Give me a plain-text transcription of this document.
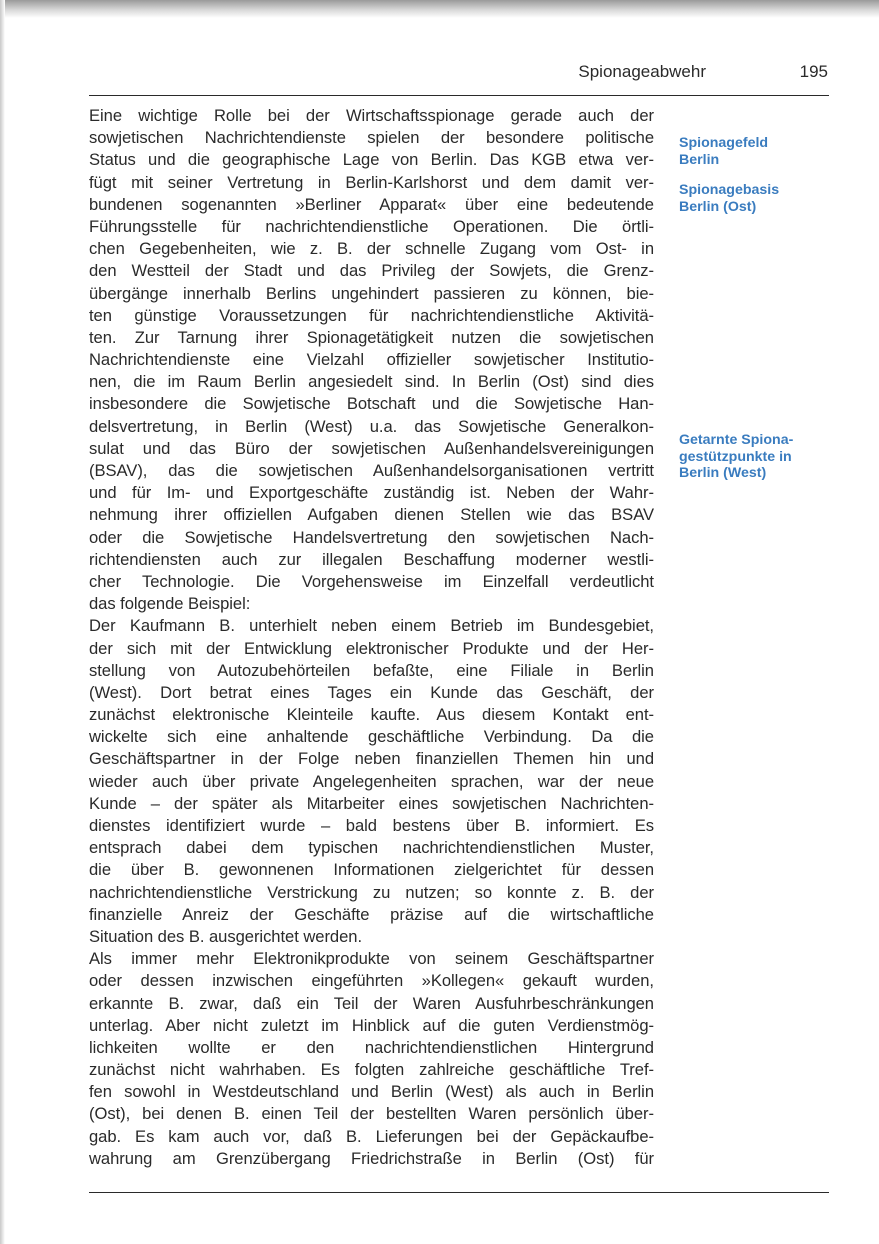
Spionageabwehr	195
Eine wichtige Rolle bei der Wirtschaftsspionage gerade auch der
sowjetischen Nachrichtendienste spielen der besondere politische
Status und die geographische Lage von Berlin. Das KGB etwa ver-
fügt mit seiner Vertretung in Berlin-Karlshorst und dem damit ver-
bundenen sogenannten »Berliner Apparat« über eine bedeutende
Führungsstelle für nachrichtendienstliche Operationen. Die örtli-
chen Gegebenheiten, wie z. B. der schnelle Zugang vom Ost- in
den Westteil der Stadt und das Privileg der Sowjets, die Grenz-
übergänge innerhalb Berlins ungehindert passieren zu können, bie-
ten günstige Voraussetzungen für nachrichtendienstliche Aktivitä-
ten. Zur Tarnung ihrer Spionagetätigkeit nutzen die sowjetischen
Nachrichtendienste eine Vielzahl offizieller sowjetischer Institutio-
nen, die im Raum Berlin angesiedelt sind. In Berlin (Ost) sind dies
insbesondere die Sowjetische Botschaft und die Sowjetische Han-
delsvertretung, in Berlin (West) u.a. das Sowjetische Generalkon-
sulat und das Büro der sowjetischen Außenhandelsvereinigungen
(BSAV), das die sowjetischen Außenhandelsorganisationen vertritt
und für Im- und Exportgeschäfte zuständig ist. Neben der Wahr-
nehmung ihrer offiziellen Aufgaben dienen Stellen wie das BSAV
oder die Sowjetische Handelsvertretung den sowjetischen Nach-
richtendiensten auch zur illegalen Beschaffung moderner westli-
cher Technologie. Die Vorgehensweise im Einzelfall verdeutlicht
das folgende Beispiel:
Der Kaufmann B. unterhielt neben einem Betrieb im Bundesgebiet,
der sich mit der Entwicklung elektronischer Produkte und der Her-
stellung von Autozubehörteilen befaßte, eine Filiale in Berlin
(West). Dort betrat eines Tages ein Kunde das Geschäft, der
zunächst elektronische Kleinteile kaufte. Aus diesem Kontakt ent-
wickelte sich eine anhaltende geschäftliche Verbindung. Da die
Geschäftspartner in der Folge neben finanziellen Themen hin und
wieder auch über private Angelegenheiten sprachen, war der neue
Kunde – der später als Mitarbeiter eines sowjetischen Nachrichten-
dienstes identifiziert wurde – bald bestens über B. informiert. Es
entsprach dabei dem typischen nachrichtendienstlichen Muster,
die über B. gewonnenen Informationen zielgerichtet für dessen
nachrichtendienstliche Verstrickung zu nutzen; so konnte z. B. der
finanzielle Anreiz der Geschäfte präzise auf die wirtschaftliche
Situation des B. ausgerichtet werden.
Als immer mehr Elektronikprodukte von seinem Geschäftspartner
oder dessen inzwischen eingeführten »Kollegen« gekauft wurden,
erkannte B. zwar, daß ein Teil der Waren Ausfuhrbeschränkungen
unterlag. Aber nicht zuletzt im Hinblick auf die guten Verdienstmög-
lichkeiten wollte er den nachrichtendienstlichen Hintergrund
zunächst nicht wahrhaben. Es folgten zahlreiche geschäftliche Tref-
fen sowohl in Westdeutschland und Berlin (West) als auch in Berlin
(Ost), bei denen B. einen Teil der bestellten Waren persönlich über-
gab. Es kam auch vor, daß B. Lieferungen bei der Gepäckaufbe-
wahrung am Grenzübergang Friedrichstraße in Berlin (Ost) für
Spionagefeld
Berlin
Spionagebasis
Berlin (Ost)
Getarnte Spiona-
gestützpunkte in
Berlin (West)
